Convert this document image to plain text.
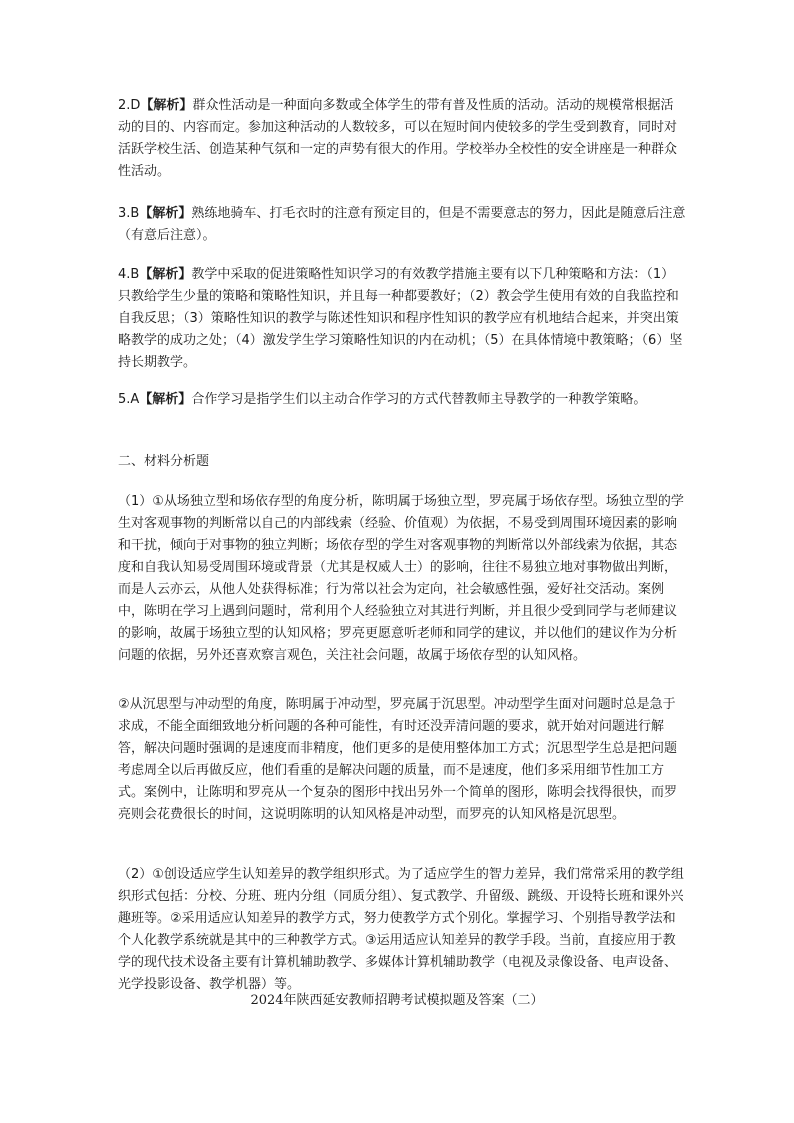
2.D【解析】群众性活动是一种面向多数或全体学生的带有普及性质的活动。活动的规模常根据活动的目的、内容而定。参加这种活动的人数较多，可以在短时间内使较多的学生受到教育，同时对活跃学校生活、创造某种气氛和一定的声势有很大的作用。学校举办全校性的安全讲座是一种群众性活动。

3.B【解析】熟练地骑车、打毛衣时的注意有预定目的，但是不需要意志的努力，因此是随意后注意（有意后注意）。

4.B【解析】教学中采取的促进策略性知识学习的有效教学措施主要有以下几种策略和方法：（1）只教给学生少量的策略和策略性知识，并且每一种都要教好；（2）教会学生使用有效的自我监控和自我反思；（3）策略性知识的教学与陈述性知识和程序性知识的教学应有机地结合起来，并突出策略教学的成功之处；（4）激发学生学习策略性知识的内在动机；（5）在具体情境中教策略；（6）坚持长期教学。

5.A【解析】合作学习是指学生们以主动合作学习的方式代替教师主导教学的一种教学策略。

二、材料分析题

（1）①从场独立型和场依存型的角度分析，陈明属于场独立型，罗亮属于场依存型。场独立型的学生对客观事物的判断常以自己的内部线索（经验、价值观）为依据，不易受到周围环境因素的影响和干扰，倾向于对事物的独立判断；场依存型的学生对客观事物的判断常以外部线索为依据，其态度和自我认知易受周围环境或背景（尤其是权威人士）的影响，往往不易独立地对事物做出判断，而是人云亦云，从他人处获得标准；行为常以社会为定向，社会敏感性强，爱好社交活动。案例中，陈明在学习上遇到问题时，常利用个人经验独立对其进行判断，并且很少受到同学与老师建议的影响，故属于场独立型的认知风格；罗亮更愿意听老师和同学的建议，并以他们的建议作为分析问题的依据，另外还喜欢察言观色，关注社会问题，故属于场依存型的认知风格。

②从沉思型与冲动型的角度，陈明属于冲动型，罗亮属于沉思型。冲动型学生面对问题时总是急于求成，不能全面细致地分析问题的各种可能性，有时还没弄清问题的要求，就开始对问题进行解答，解决问题时强调的是速度而非精度，他们更多的是使用整体加工方式；沉思型学生总是把问题考虑周全以后再做反应，他们看重的是解决问题的质量，而不是速度，他们多采用细节性加工方式。案例中，让陈明和罗亮从一个复杂的图形中找出另外一个简单的图形，陈明会找得很快，而罗亮则会花费很长的时间，这说明陈明的认知风格是冲动型，而罗亮的认知风格是沉思型。

（2）①创设适应学生认知差异的教学组织形式。为了适应学生的智力差异，我们常常采用的教学组织形式包括：分校、分班、班内分组（同质分组）、复式教学、升留级、跳级、开设特长班和课外兴趣班等。②采用适应认知差异的教学方式，努力使教学方式个别化。掌握学习、个别指导教学法和个人化教学系统就是其中的三种教学方式。③运用适应认知差异的教学手段。当前，直接应用于教学的现代技术设备主要有计算机辅助教学、多媒体计算机辅助教学（电视及录像设备、电声设备、光学投影设备、教学机器）等。

2024年陕西延安教师招聘考试模拟题及答案（二）
